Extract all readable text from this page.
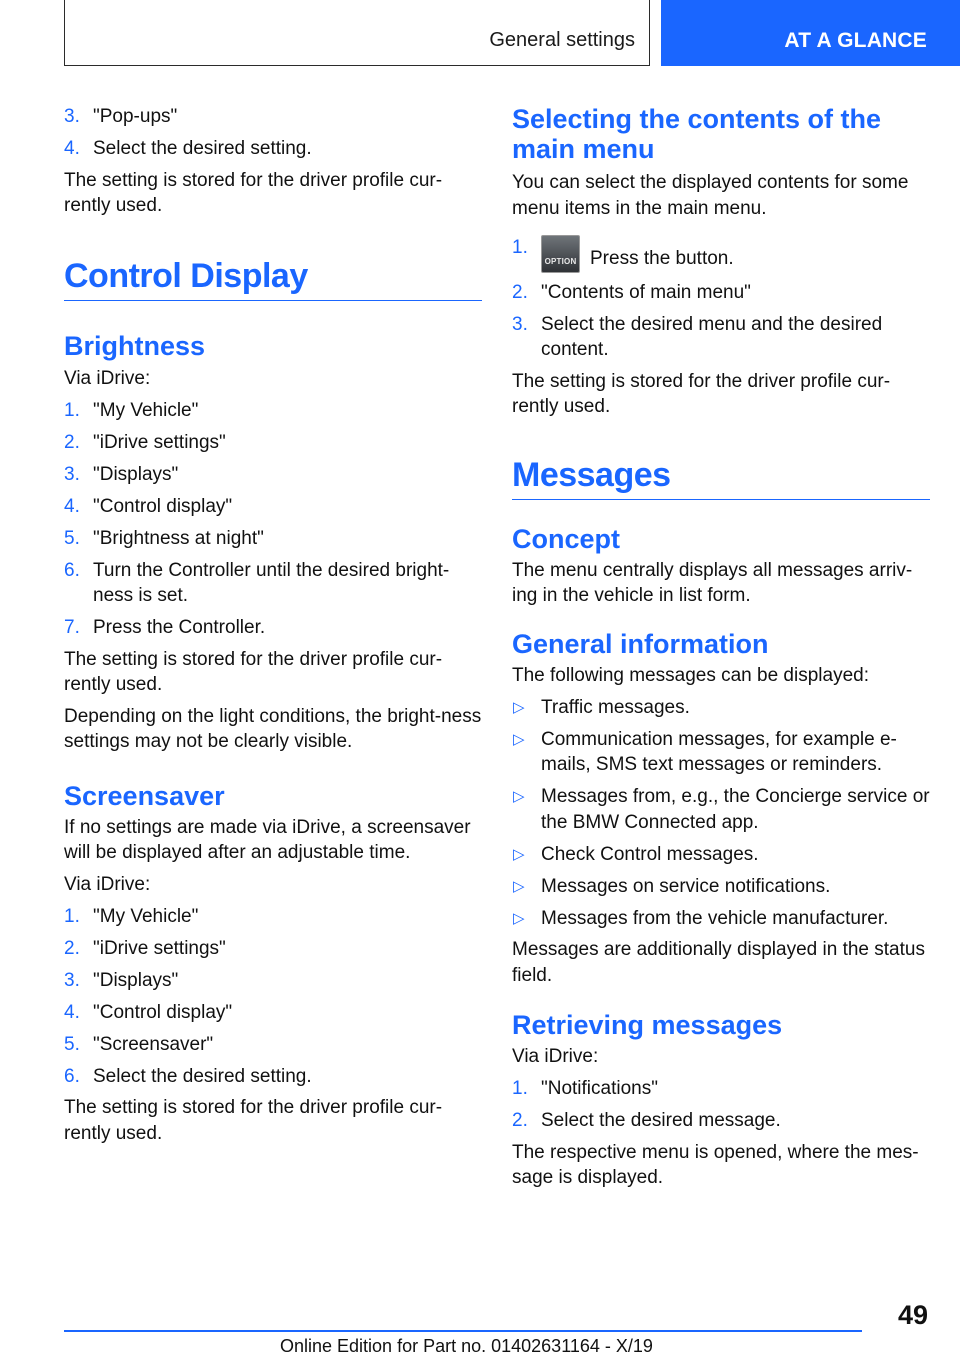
General settings	AT A GLANCE
3. "Pop-ups"
4. Select the desired setting.

The setting is stored for the driver profile cur-rently used.

Control Display
Brightness

Via iDrive:

1. "My Vehicle"
2. "iDrive settings"
3. "Displays"
4. "Control display"
5. "Brightness at night"
6. Turn the Controller until the desired bright-ness is set.
7. Press the Controller.

The setting is stored for the driver profile cur-rently used.

Depending on the light conditions, the bright-ness settings may not be clearly visible.

Screensaver

If no settings are made via iDrive, a screensaver will be displayed after an adjustable time.

Via iDrive:

1. "My Vehicle"
2. "iDrive settings"
3. "Displays"
4. "Control display"
5. "Screensaver"
6. Select the desired setting.

The setting is stored for the driver profile cur-rently used.

Selecting the contents of the main menu

You can select the displayed contents for some menu items in the main menu.

1.
OPTION Press the button.
2. "Contents of main menu"
3. Select the desired menu and the desired content.

The setting is stored for the driver profile cur-rently used.

Messages
Concept

The menu centrally displays all messages arriv-ing in the vehicle in list form.

General information

The following messages can be displayed:

▷ Traffic messages.
▷ Communication messages, for example e-mails, SMS text messages or reminders.
▷ Messages from, e.g., the Concierge service or the BMW Connected app.
▷ Check Control messages.
▷ Messages on service notifications.
▷ Messages from the vehicle manufacturer.

Messages are additionally displayed in the status field.

Retrieving messages

Via iDrive:

1. "Notifications"
2. Select the desired message.

The respective menu is opened, where the mes-sage is displayed.

49
Online Edition for Part no. 01402631164 - X/19
